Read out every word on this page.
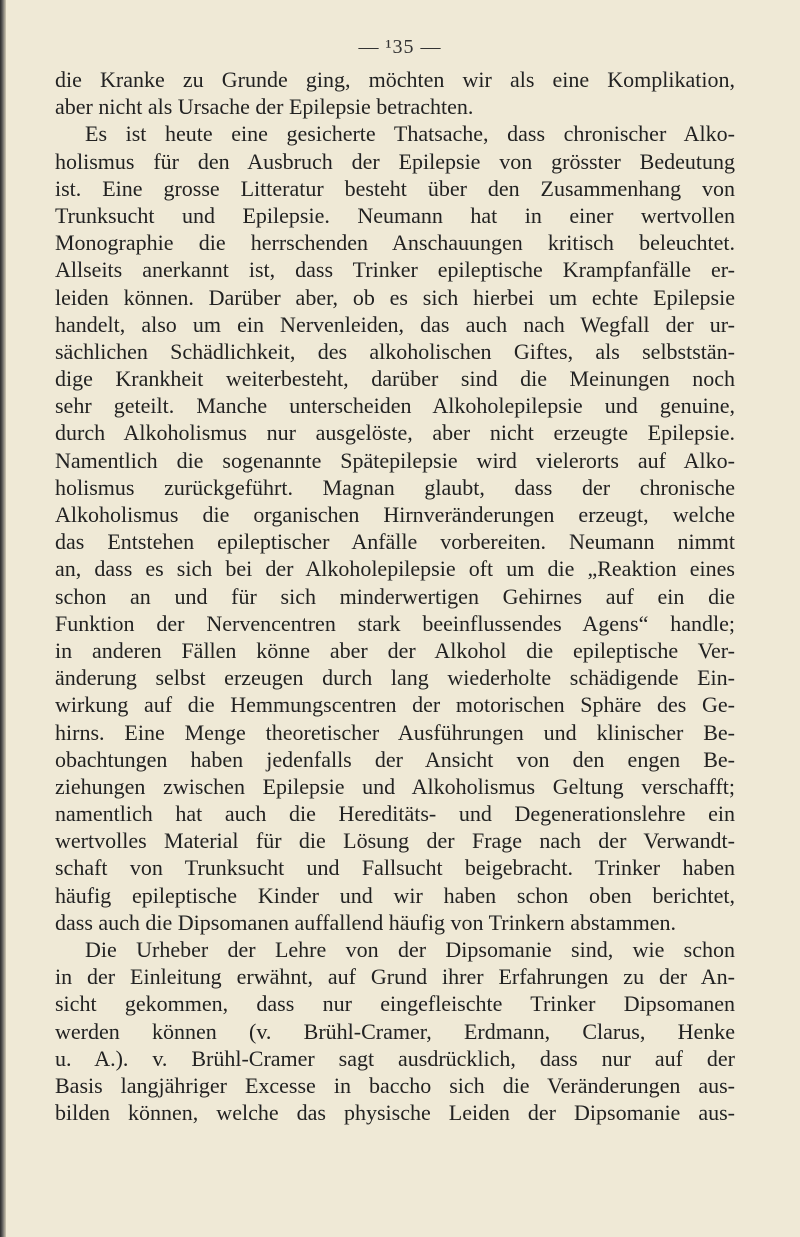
— ¹35 —
die Kranke zu Grunde ging, möchten wir als eine Komplikation,
aber nicht als Ursache der Epilepsie betrachten.
Es ist heute eine gesicherte Thatsache, dass chronischer Alko-
holismus für den Ausbruch der Epilepsie von grösster Bedeutung
ist. Eine grosse Litteratur besteht über den Zusammenhang von
Trunksucht und Epilepsie. Neumann hat in einer wertvollen
Monographie die herrschenden Anschauungen kritisch beleuchtet.
Allseits anerkannt ist, dass Trinker epileptische Krampfanfälle er-
leiden können. Darüber aber, ob es sich hierbei um echte Epilepsie
handelt, also um ein Nervenleiden, das auch nach Wegfall der ur-
sächlichen Schädlichkeit, des alkoholischen Giftes, als selbststän-
dige Krankheit weiterbesteht, darüber sind die Meinungen noch
sehr geteilt. Manche unterscheiden Alkoholepilepsie und genuine,
durch Alkoholismus nur ausgelöste, aber nicht erzeugte Epilepsie.
Namentlich die sogenannte Spätepilepsie wird vielerorts auf Alko-
holismus zurückgeführt. Magnan glaubt, dass der chronische
Alkoholismus die organischen Hirnveränderungen erzeugt, welche
das Entstehen epileptischer Anfälle vorbereiten. Neumann nimmt
an, dass es sich bei der Alkoholepilepsie oft um die „Reaktion eines
schon an und für sich minderwertigen Gehirnes auf ein die
Funktion der Nervencentren stark beeinflussendes Agens“ handle;
in anderen Fällen könne aber der Alkohol die epileptische Ver-
änderung selbst erzeugen durch lang wiederholte schädigende Ein-
wirkung auf die Hemmungscentren der motorischen Sphäre des Ge-
hirns. Eine Menge theoretischer Ausführungen und klinischer Be-
obachtungen haben jedenfalls der Ansicht von den engen Be-
ziehungen zwischen Epilepsie und Alkoholismus Geltung verschafft;
namentlich hat auch die Hereditäts- und Degenerationslehre ein
wertvolles Material für die Lösung der Frage nach der Verwandt-
schaft von Trunksucht und Fallsucht beigebracht. Trinker haben
häufig epileptische Kinder und wir haben schon oben berichtet,
dass auch die Dipsomanen auffallend häufig von Trinkern abstammen.
Die Urheber der Lehre von der Dipsomanie sind, wie schon
in der Einleitung erwähnt, auf Grund ihrer Erfahrungen zu der An-
sicht gekommen, dass nur eingefleischte Trinker Dipsomanen
werden können (v. Brühl-Cramer, Erdmann, Clarus, Henke
u. A.). v. Brühl-Cramer sagt ausdrücklich, dass nur auf der
Basis langjähriger Excesse in baccho sich die Veränderungen aus-
bilden können, welche das physische Leiden der Dipsomanie aus-
